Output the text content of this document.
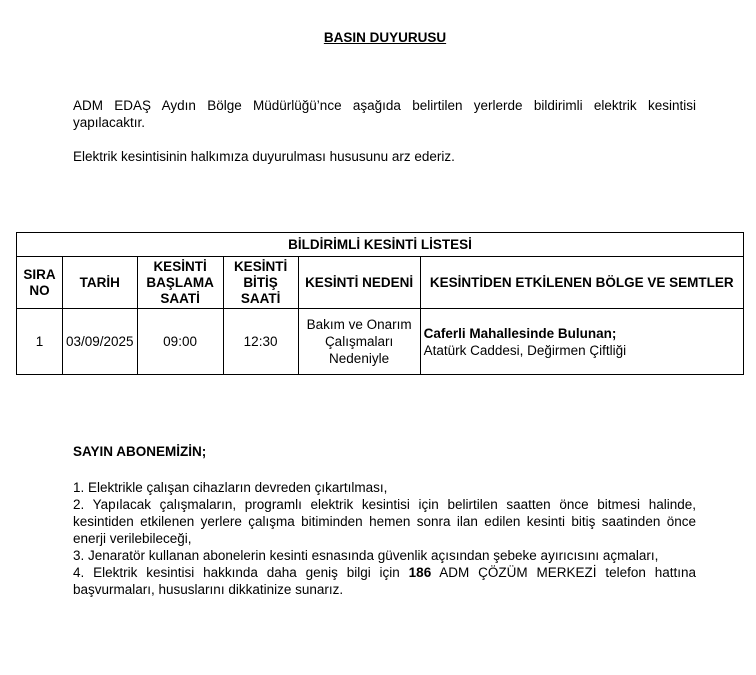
BASIN DUYURUSU
ADM EDAŞ Aydın Bölge Müdürlüğü’nce aşağıda belirtilen yerlerde bildirimli elektrik kesintisi yapılacaktır.
Elektrik kesintisinin halkımıza duyurulması hususunu arz ederiz.
BİLDİRİMLİ KESİNTİ LİSTESİ					
SIRA NO	TARİH	KESİNTİ BAŞLAMA SAATİ	KESİNTİ BİTİŞ SAATİ	KESİNTİ NEDENİ	KESİNTİDEN ETKİLENEN BÖLGE VE SEMTLER
1	03/09/2025	09:00	12:30	Bakım ve Onarım Çalışmaları Nedeniyle	Caferli Mahallesinde Bulunan;
Atatürk Caddesi, Değirmen Çiftliği
SAYIN ABONEMİZİN;
1. Elektrikle çalışan cihazların devreden çıkartılması,
2. Yapılacak çalışmaların, programlı elektrik kesintisi için belirtilen saatten önce bitmesi halinde, kesintiden etkilenen yerlere çalışma bitiminden hemen sonra ilan edilen kesinti bitiş saatinden önce enerji verilebileceği,
3. Jenaratör kullanan abonelerin kesinti esnasında güvenlik açısından şebeke ayırıcısını açmaları,
4. Elektrik kesintisi hakkında daha geniş bilgi için 186 ADM ÇÖZÜM MERKEZİ telefon hattına başvurmaları, hususlarını dikkatinize sunarız.
